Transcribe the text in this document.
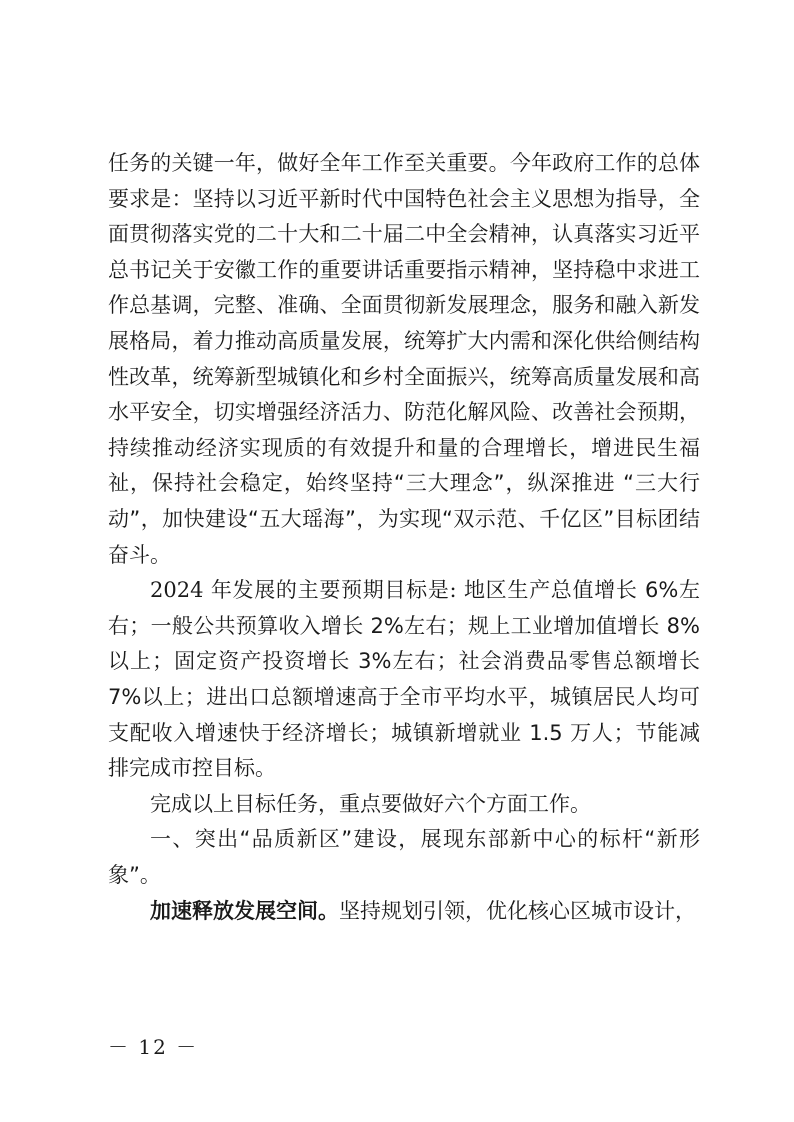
任务的关键一年，做好全年工作至关重要。今年政府工作的总体要求是：坚持以习近平新时代中国特色社会主义思想为指导，全面贯彻落实党的二十大和二十届二中全会精神，认真落实习近平总书记关于安徽工作的重要讲话重要指示精神，坚持稳中求进工作总基调，完整、准确、全面贯彻新发展理念，服务和融入新发展格局，着力推动高质量发展，统筹扩大内需和深化供给侧结构性改革，统筹新型城镇化和乡村全面振兴，统筹高质量发展和高水平安全，切实增强经济活力、防范化解风险、改善社会预期，持续推动经济实现质的有效提升和量的合理增长，增进民生福祉，保持社会稳定，始终坚持“三大理念”，纵深推进 “三大行动”，加快建设“五大瑶海”，为实现“双示范、千亿区”目标团结奋斗。

2024 年发展的主要预期目标是: 地区生产总值增长 6%左右；一般公共预算收入增长 2%左右；规上工业增加值增长 8%以上；固定资产投资增长 3%左右；社会消费品零售总额增长 7%以上；进出口总额增速高于全市平均水平，城镇居民人均可支配收入增速快于经济增长；城镇新增就业 1.5 万人；节能减排完成市控目标。

完成以上目标任务，重点要做好六个方面工作。

一、突出“品质新区”建设，展现东部新中心的标杆“新形象”。

加速释放发展空间。坚持规划引领，优化核心区城市设计，

－ 12 －
